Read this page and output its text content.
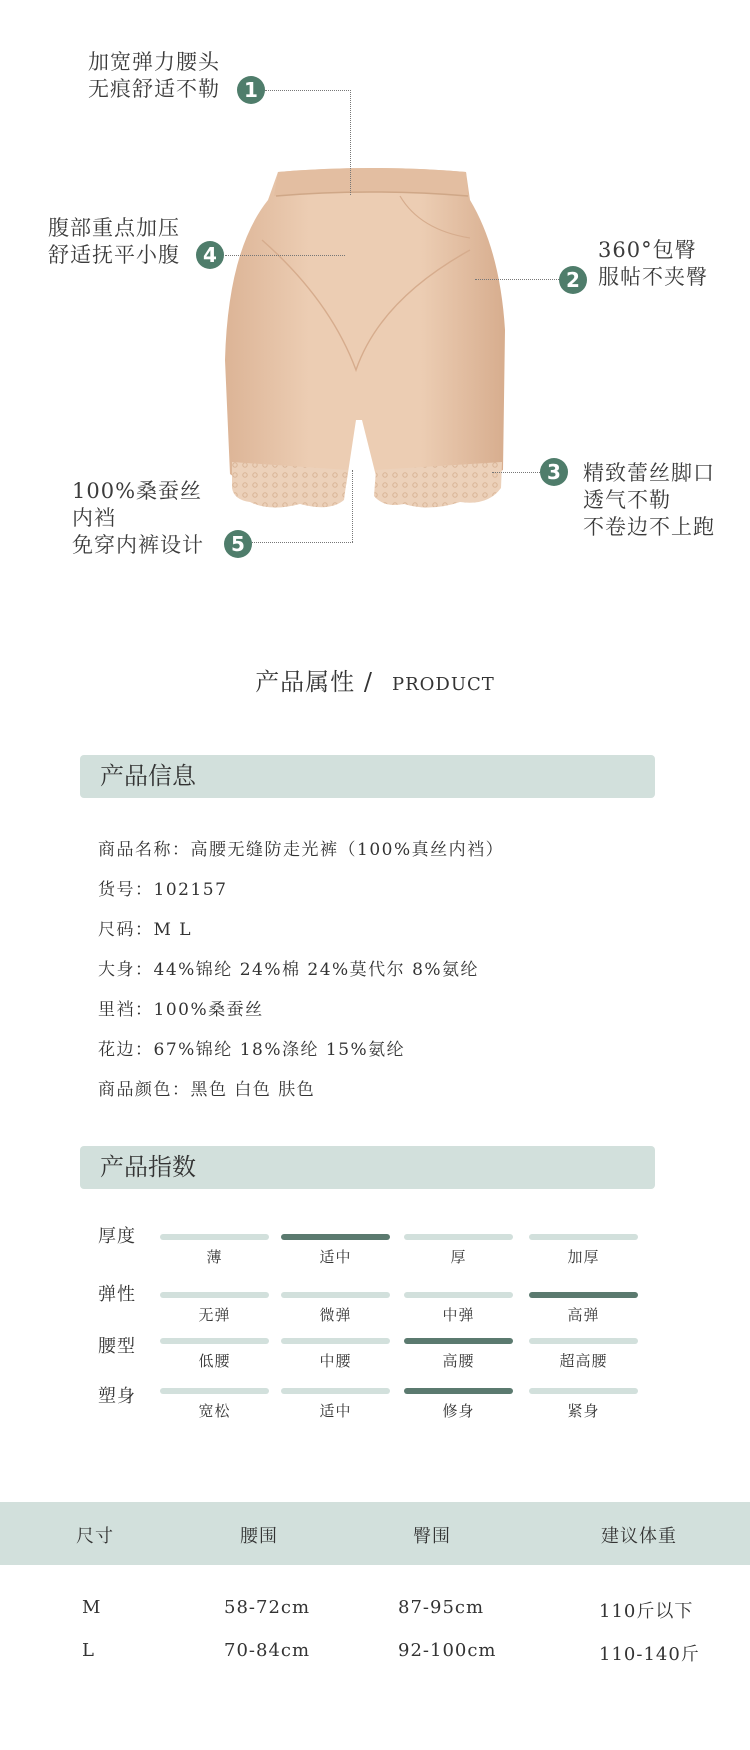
加宽弹力腰头

无痕舒适不勒	1

腹部重点加压

舒适抚平小腹	4	360°包臀

服帖不夹臀

2

精致蕾丝脚口

透气不勒

不卷边不上跑

3

100%桑蚕丝

内裆

免穿内裤设计	5
产品属性 / PRODUCT
产品信息
商品名称：高腰无缝防走光裤（100%真丝内裆）
货号：102157
尺码：M L
大身：44%锦纶 24%棉 24%莫代尔 8%氨纶
里裆：100%桑蚕丝
花边：67%锦纶 18%涤纶 15%氨纶
商品颜色：黑色 白色 肤色
产品指数
厚度
薄	适中	厚	加厚
弹性
无弹	微弹	中弹	高弹
腰型
低腰	中腰	高腰	超高腰
塑身
宽松	适中	修身	紧身
尺寸	腰围	臀围	建议体重
M	58-72cm	87-95cm	110斤以下
L	70-84cm	92-100cm	110-140斤
